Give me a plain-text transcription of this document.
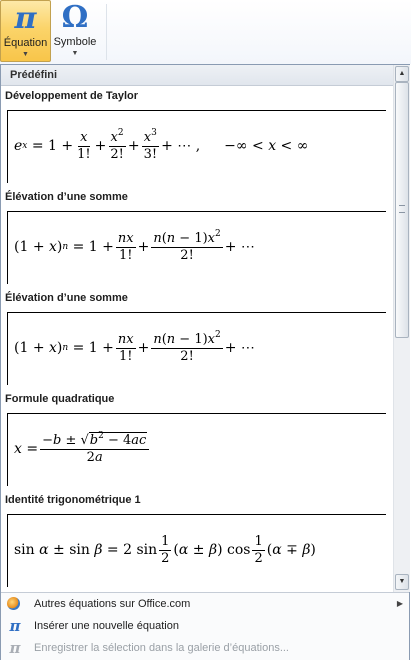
π
Équation
▼
Ω
Symbole
▼
Prédéfini
Développement de Taylor
e $x = 1 + \frac{x}{1!} + \frac{x^2}{2!} + \frac{x^3}{3!}$ + ⋯ ,
−∞ < x < ∞
Élévation d’une somme
(1 + x ) $n = 1 + \frac{nx}{1!} + \frac{n(n - 1)x^2}{2!}$ + ⋯
Élévation d’une somme
(1 + x ) $n = 1 + \frac{nx}{1!} + \frac{n(n - 1)x^2}{2!}$ + ⋯
Formule quadratique
$x = \frac{-b \pm √b^2 - 4ac}{2a}$
Identité trigonométrique 1
sin α ± sin β = 2 $\sin \frac{1}{2}$ ( α ± β ) $\cos \frac{1}{2}$ ( α ∓ β )
▲
▼
Autres équations sur Office.com	▶
π Insérer une nouvelle équation
π Enregistrer la sélection dans la galerie d’équations...
